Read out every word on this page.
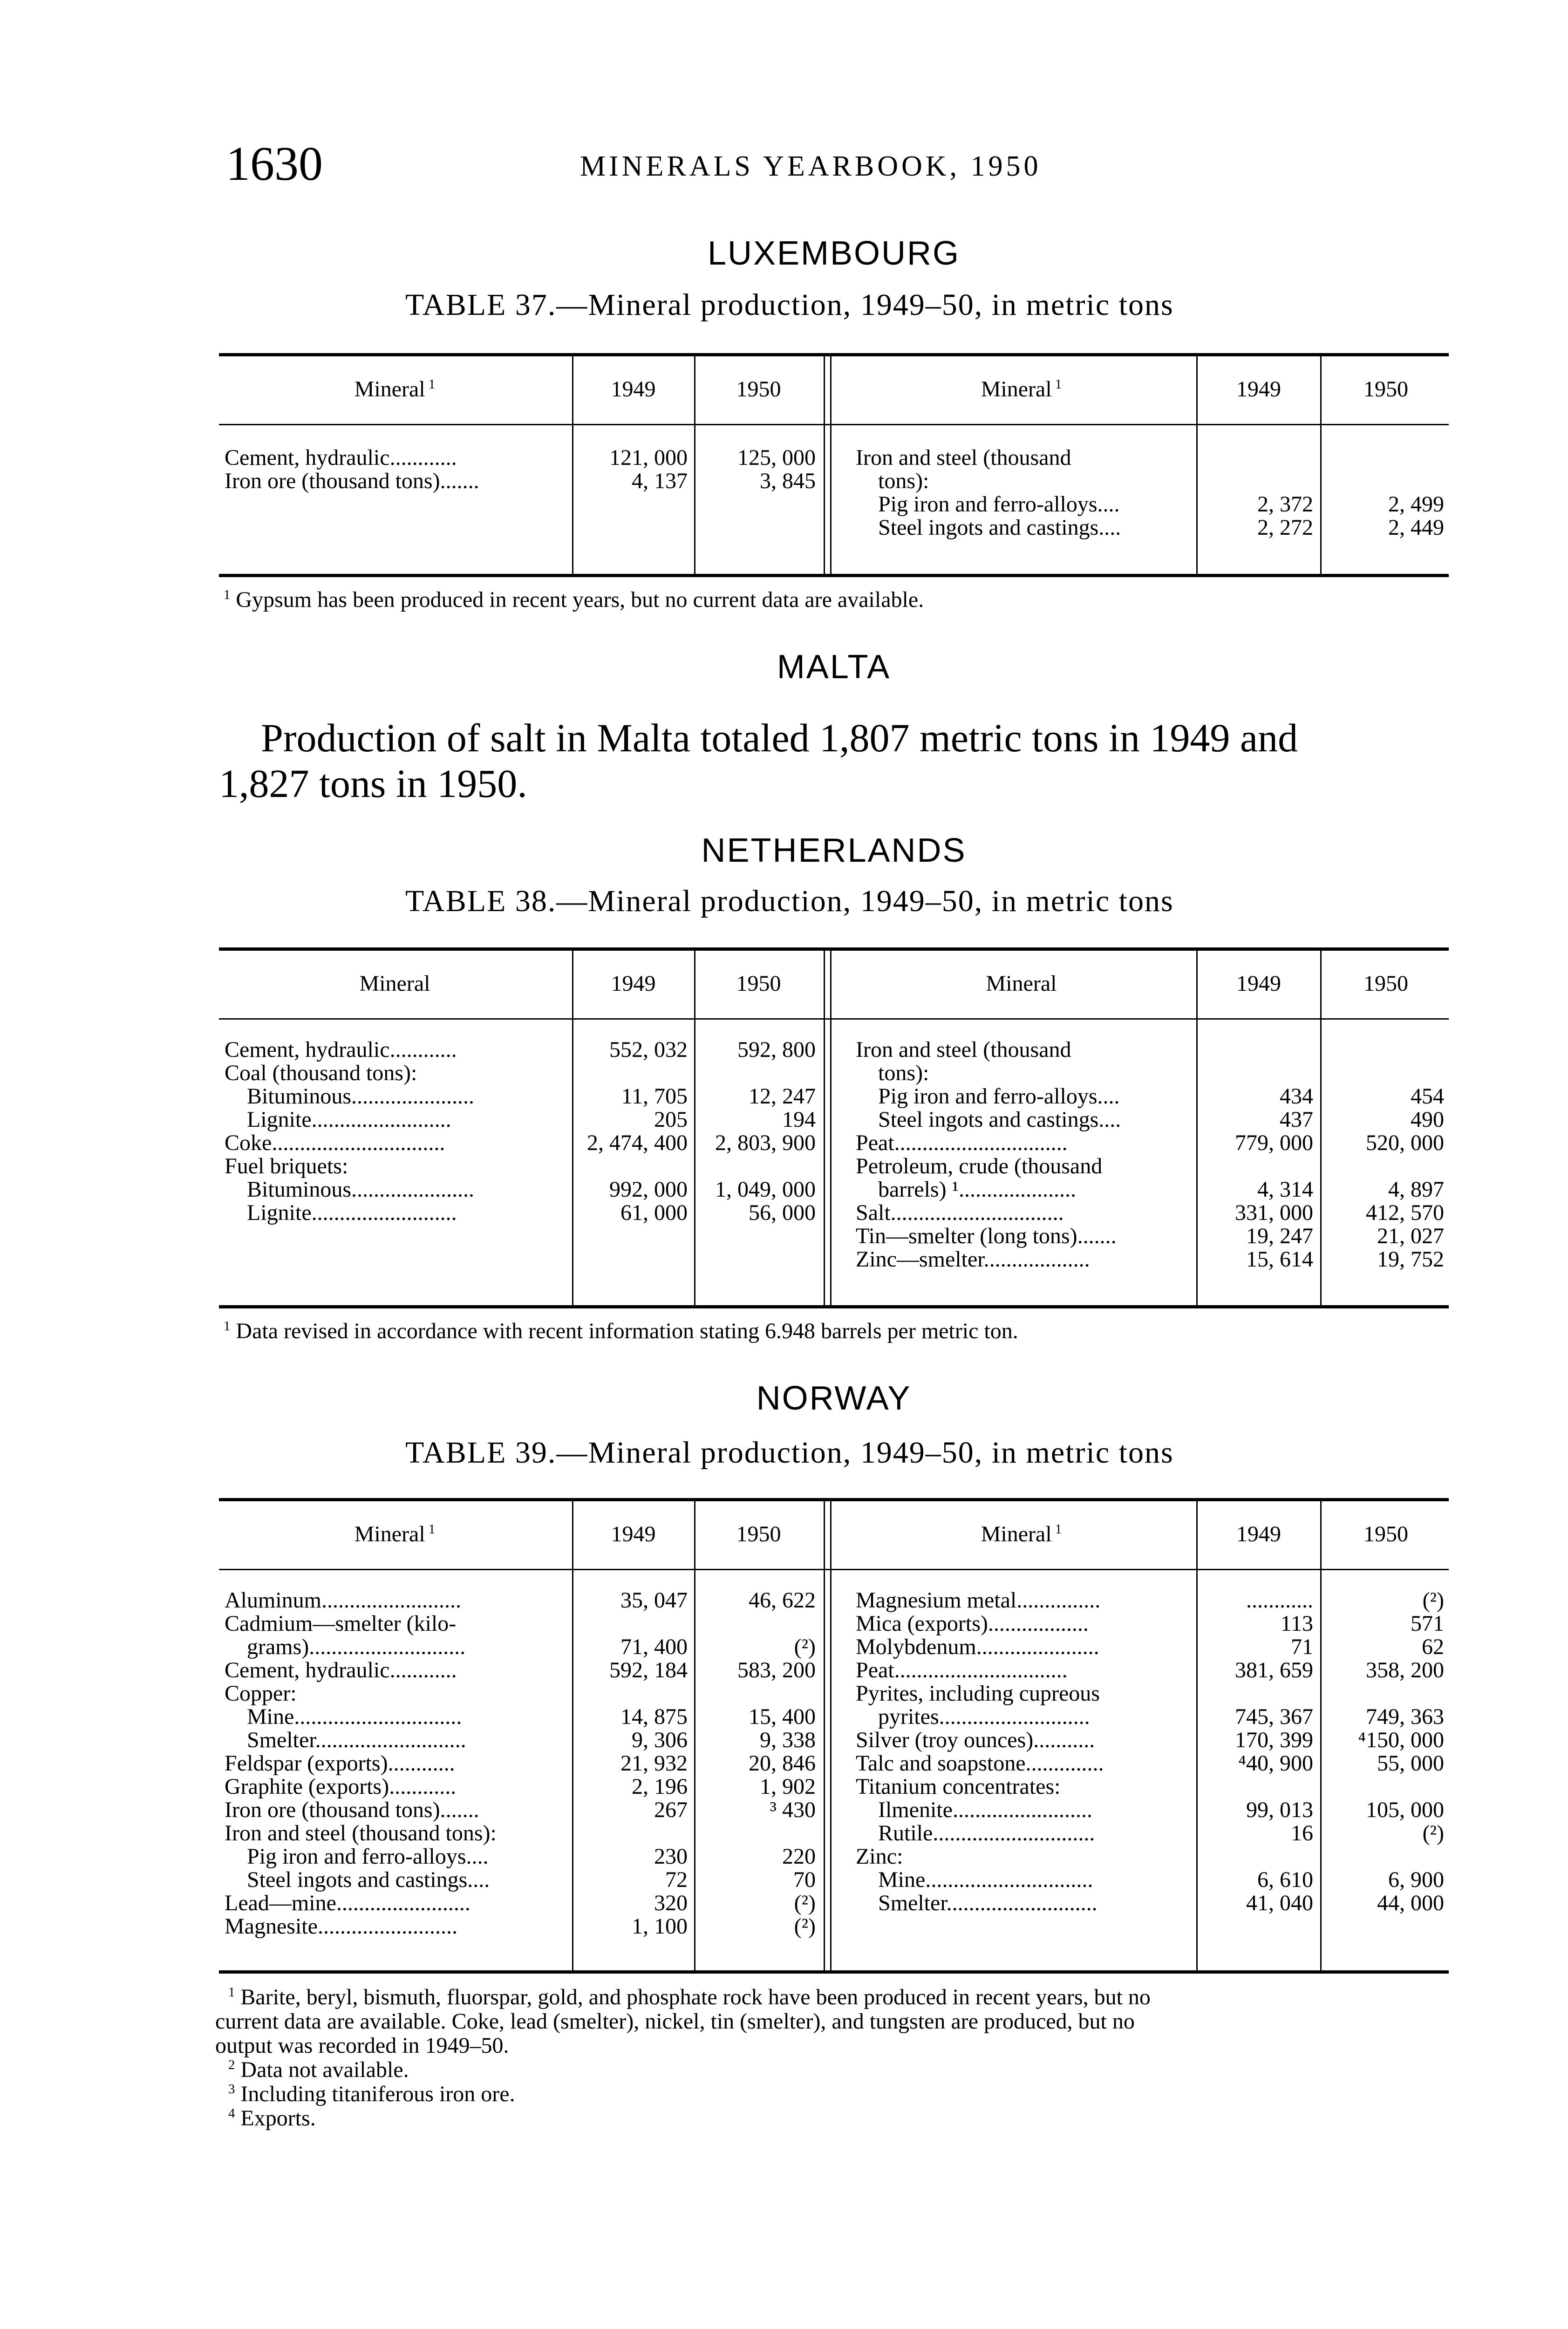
1630	MINERALS YEARBOOK, 1950
LUXEMBOURG
TABLE 37.—Mineral production, 1949–50, in metric tons
Mineral $^1$	1949	1950	Mineral $^1$	1949	1950
Cement, hydraulic............	121, 000	125, 000
Iron ore (thousand tons).......	4, 137	3, 845
Iron and steel (thousand
tons):
Pig iron and ferro-alloys....	2, 372	2, 499
Steel ingots and castings....	2, 272	2, 449
$^1$ Gypsum has been produced in recent years, but no current data are available.
MALTA
Production of salt in Malta totaled 1,807 metric tons in 1949 and
1,827 tons in 1950.
NETHERLANDS
TABLE 38.—Mineral production, 1949–50, in metric tons
Mineral	1949	1950	Mineral	1949	1950
Cement, hydraulic............	552, 032	592, 800
Coal (thousand tons):
Bituminous......................	11, 705	12, 247
Lignite.........................	205	194
Coke...............................	2, 474, 400	2, 803, 900
Fuel briquets:
Bituminous......................	992, 000	1, 049, 000
Lignite..........................	61, 000	56, 000
Iron and steel (thousand
tons):
Pig iron and ferro-alloys....	434	454
Steel ingots and castings....	437	490
Peat...............................	779, 000	520, 000
Petroleum, crude (thousand
barrels) ¹.....................	4, 314	4, 897
Salt...............................	331, 000	412, 570
Tin—smelter (long tons).......	19, 247	21, 027
Zinc—smelter...................	15, 614	19, 752
$^1$ Data revised in accordance with recent information stating 6.948 barrels per metric ton.
NORWAY
TABLE 39.—Mineral production, 1949–50, in metric tons
Mineral $^1$	1949	1950	Mineral $^1$	1949	1950
Aluminum.........................	35, 047	46, 622
Cadmium—smelter (kilo-
grams)............................	71, 400	(²)
Cement, hydraulic............	592, 184	583, 200
Copper:
Mine..............................	14, 875	15, 400
Smelter...........................	9, 306	9, 338
Feldspar (exports)............	21, 932	20, 846
Graphite (exports)............	2, 196	1, 902
Iron ore (thousand tons).......	267	³ 430
Iron and steel (thousand tons):
Pig iron and ferro-alloys....	230	220
Steel ingots and castings....	72	70
Lead—mine........................	320	(²)
Magnesite.........................	1, 100	(²)
Magnesium metal...............	............	(²)
Mica (exports)..................	113	571
Molybdenum......................	71	62
Peat...............................	381, 659	358, 200
Pyrites, including cupreous
pyrites...........................	745, 367	749, 363
Silver (troy ounces)...........	170, 399	⁴150, 000
Talc and soapstone..............	⁴40, 900	55, 000
Titanium concentrates:
Ilmenite.........................	99, 013	105, 000
Rutile.............................	16	(²)
Zinc:
Mine..............................	6, 610	6, 900
Smelter...........................	41, 040	44, 000
$^1$ Barite, beryl, bismuth, fluorspar, gold, and phosphate rock have been produced in recent years, but no
current data are available. Coke, lead (smelter), nickel, tin (smelter), and tungsten are produced, but no
output was recorded in 1949–50.
$^2$ Data not available.
$^3$ Including titaniferous iron ore.
$^4$ Exports.
